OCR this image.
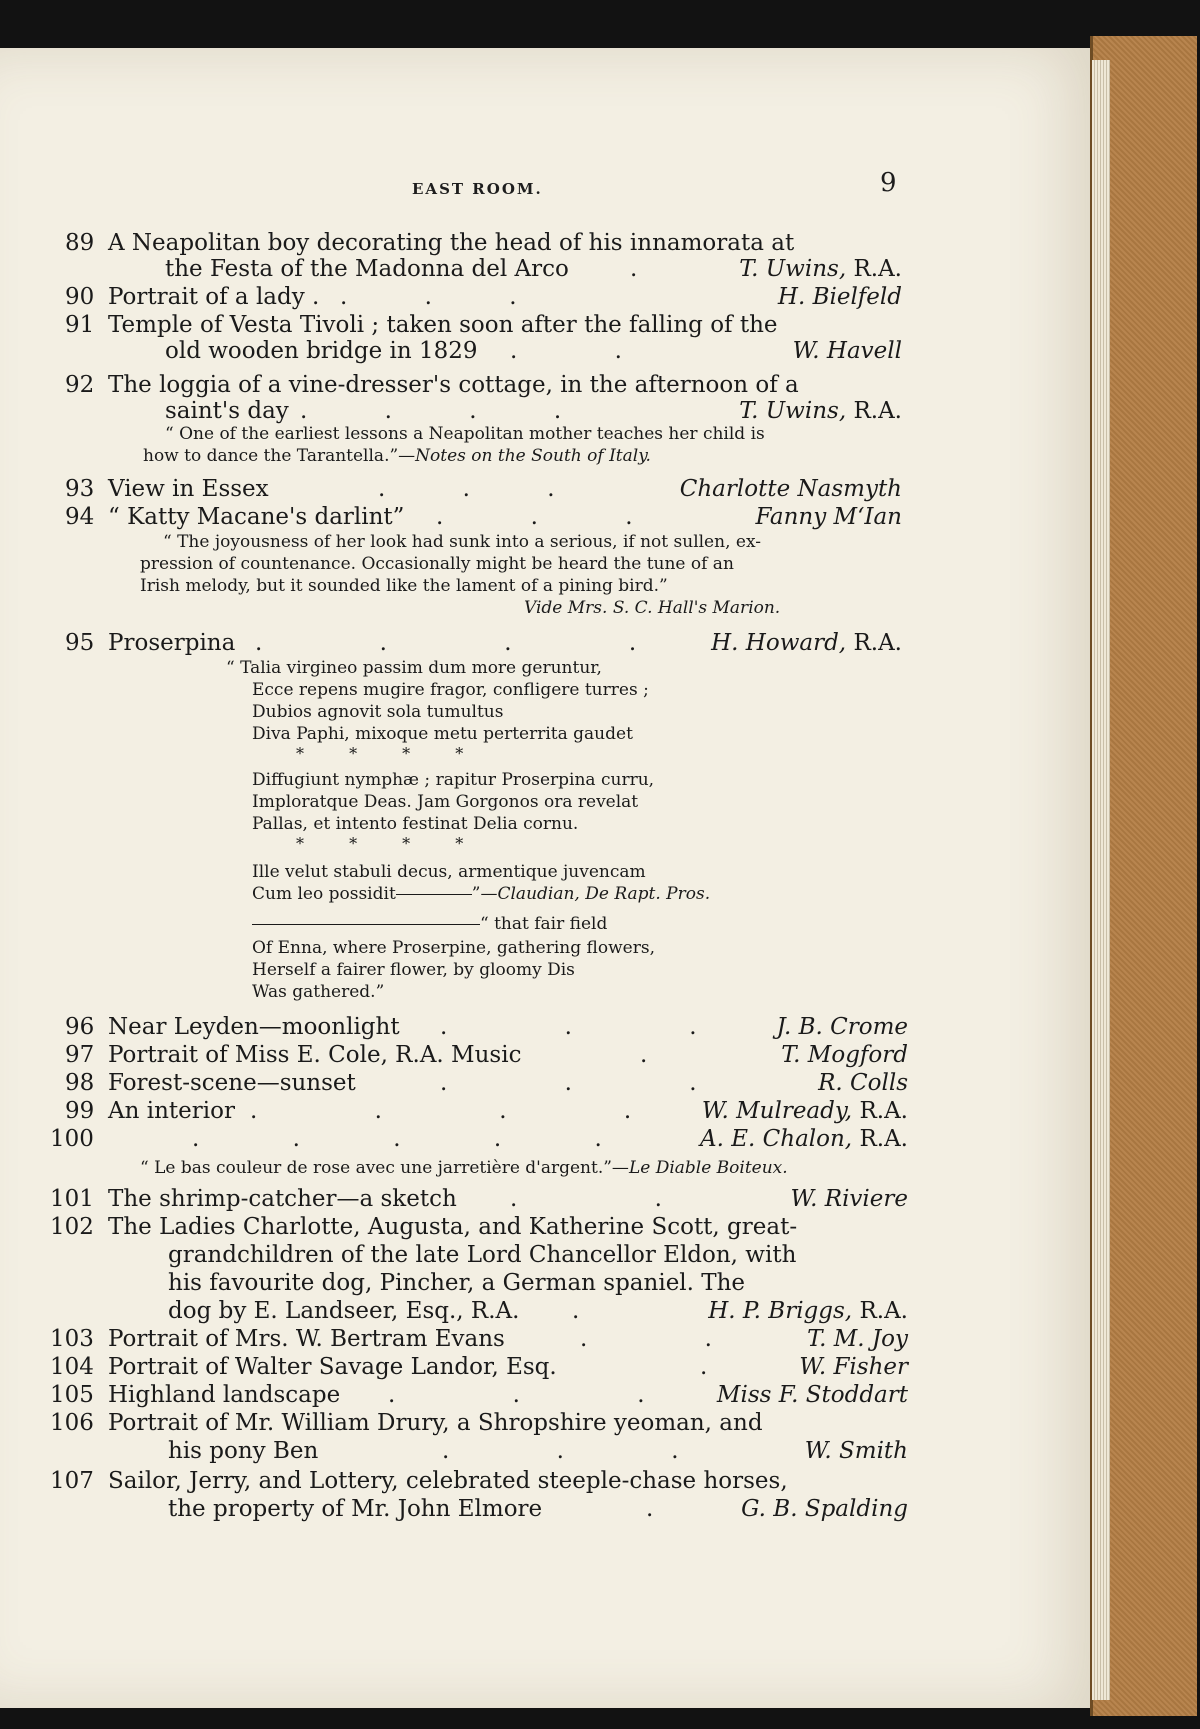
EAST ROOM.	9
89 A Neapolitan boy decorating the head of his innamorata at
the Festa of the Madonna del Arco	.	T. Uwins, R.A.
90 Portrait of a lady . . . .	H. Bielfeld
91 Temple of Vesta Tivoli ; taken soon after the falling of the
old wooden bridge in 1829 . .	W. Havell
92 The loggia of a vine-dresser's cottage, in the afternoon of a
saint's day . . . .	T. Uwins, R.A.
“ One of the earliest lessons a Neapolitan mother teaches her child is
how to dance the Tarantella.”—Notes on the South of Italy.
93 View in Essex	. . .	Charlotte Nasmyth
94 “ Katty Macane's darlint” . . .	Fanny M‘Ian
“ The joyousness of her look had sunk into a serious, if not sullen, ex-
pression of countenance. Occasionally might be heard the tune of an
Irish melody, but it sounded like the lament of a pining bird.”
Vide Mrs. S. C. Hall's Marion.
95 Proserpina . . . .	H. Howard, R.A.
“ Talia virgineo passim dum more geruntur,
Ecce repens mugire fragor, confligere turres ;
Dubios agnovit sola tumultus
Diva Paphi, mixoque metu perterrita gaudet
* * * *
Diffugiunt nymphæ ; rapitur Proserpina curru,
Imploratque Deas. Jam Gorgonos ora revelat
Pallas, et intento festinat Delia cornu.
* * * *
Ille velut stabuli decus, armentique juvencam
Cum leo possidit	”—Claudian, De Rapt. Pros.
“ that fair field
Of Enna, where Proserpine, gathering flowers,
Herself a fairer flower, by gloomy Dis
Was gathered.”
96 Near Leyden—moonlight . . .	J. B. Crome
97 Portrait of Miss E. Cole, R.A. Music	.	T. Mogford
98 Forest-scene—sunset	. . .	R. Colls
99 An interior . . . .	W. Mulready, R.A.
100	. . . . .	A. E. Chalon, R.A.
“ Le bas couleur de rose avec une jarretière d'argent.”—Le Diable Boiteux.
101 The shrimp-catcher—a sketch . .	W. Riviere
102 The Ladies Charlotte, Augusta, and Katherine Scott, great-
grandchildren of the late Lord Chancellor Eldon, with
his favourite dog, Pincher, a German spaniel. The
dog by E. Landseer, Esq., R.A. .	H. P. Briggs, R.A.
103 Portrait of Mrs. W. Bertram Evans	. .	T. M. Joy
104 Portrait of Walter Savage Landor, Esq.	.	W. Fisher
105 Highland landscape . . .	Miss F. Stoddart
106 Portrait of Mr. William Drury, a Shropshire yeoman, and
his pony Ben	. . .	W. Smith
107 Sailor, Jerry, and Lottery, celebrated steeple-chase horses,
the property of Mr. John Elmore	.	G. B. Spalding
